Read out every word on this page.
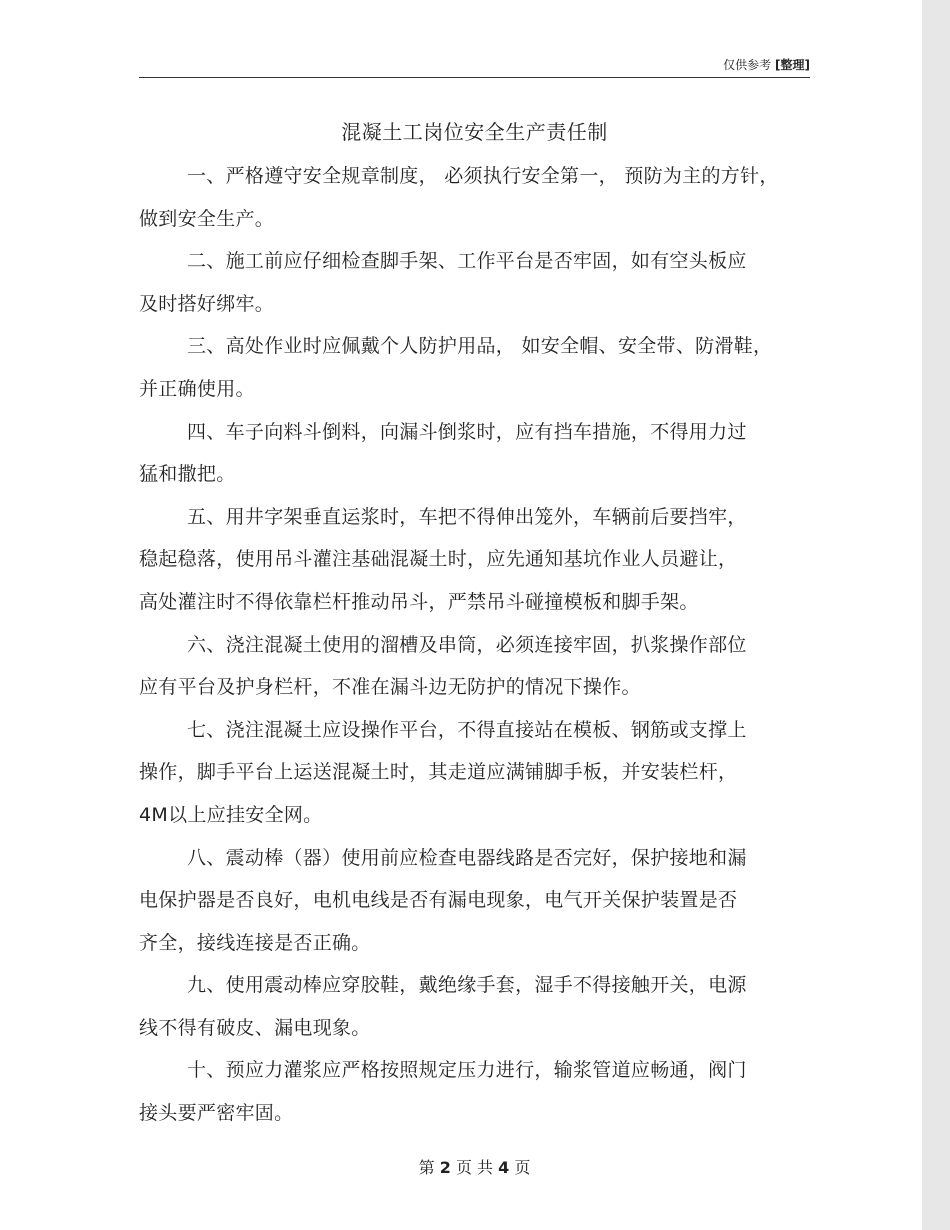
仅供参考 [整理]
混凝土工岗位安全生产责任制
一、严格遵守安全规章制度， 必须执行安全第一， 预防为主的方针，
做到安全生产。
二、施工前应仔细检查脚手架、工作平台是否牢固，如有空头板应
及时搭好绑牢。
三、高处作业时应佩戴个人防护用品， 如安全帽、安全带、防滑鞋，
并正确使用。
四、车子向料斗倒料，向漏斗倒浆时，应有挡车措施，不得用力过
猛和撒把。
五、用井字架垂直运浆时，车把不得伸出笼外，车辆前后要挡牢，
稳起稳落，使用吊斗灌注基础混凝土时，应先通知基坑作业人员避让，
高处灌注时不得依靠栏杆推动吊斗，严禁吊斗碰撞模板和脚手架。
六、浇注混凝土使用的溜槽及串筒，必须连接牢固，扒浆操作部位
应有平台及护身栏杆，不准在漏斗边无防护的情况下操作。
七、浇注混凝土应设操作平台，不得直接站在模板、钢筋或支撑上
操作，脚手平台上运送混凝土时，其走道应满铺脚手板，并安装栏杆，
4M以上应挂安全网。
八、震动棒（器）使用前应检查电器线路是否完好，保护接地和漏
电保护器是否良好，电机电线是否有漏电现象，电气开关保护装置是否
齐全，接线连接是否正确。
九、使用震动棒应穿胶鞋，戴绝缘手套，湿手不得接触开关，电源
线不得有破皮、漏电现象。
十、预应力灌浆应严格按照规定压力进行，输浆管道应畅通，阀门
接头要严密牢固。
第 2 页 共 4 页
